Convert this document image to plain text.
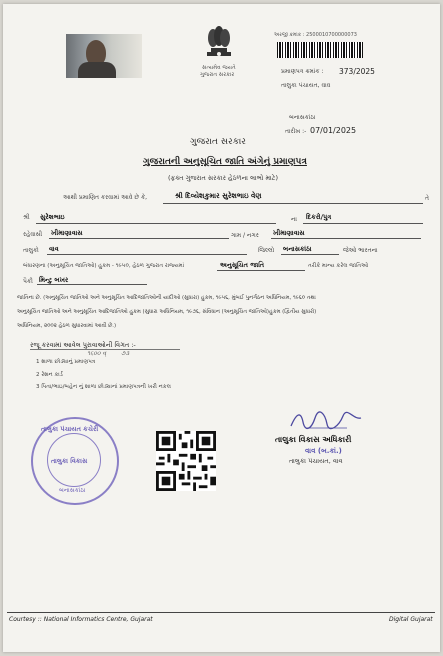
સત્યમેવ જયતે
ગુજરાત સરકાર
અરજી ક્રમાંક : 2500010700000073
પ્રમાણપત્ર ક્રમાંક : 373/2025
તાલુકા પંચાયત, વાવ
બનાસકાંઠા
તારીખ :- 07/01/2025
ગુજરાત સરકાર
ગુજરાતની અનુસૂચિત જાતિ અંગેનું પ્રમાણપત્ર
(ફક્ત ગુજરાત સરકાર હેઠળના લાભો માટે)
આથી પ્રમાણિત કરવામાં આવે છે કે,	શ્રી દિવ્યેશકુમાર સુરેશભાઇ વેણ	તે
શ્રી સુરેશભાઇ	ના દિકરો/પુત્ર
રહેવાસી ખીમાણાવાસ	ગામ / નગર ખીમાણાવાસ
તાલુકો વાવ	જિલ્લો બનાસકાંઠા	જેઓ ભારતના
બંધારણના (અનુસૂચિત જાતિઓ) હુકમ - ૧૯૫૦, હેઠળ ગુજરાત રાજ્યમાં	અનુસૂચિત જાતિ	તરીકે માન્ય કરેલ જાતિઓ
પૈકી મિન્ટુ બખર
જાતિના છે. (અનુસૂચિત જાતિઓ અને અનુસૂચિત આદિજાતિઓની યાદીઓ (સુધારા) હુકમ, ૧૯૫૬, મુંબઈ પુનર્ગઠન અધિનિયમ, ૧૯૬૦ તથા
અનુસૂચિત જાતિઓ અને અનુસૂચિત આદિજાતિઓ હુકમ (સુધારા અધિનિયમ, ૧૯૭૬, સંવિધાન (અનુસૂચિત જાતિઓ)હુકમ (દ્વિતીય સુધારો)
અધિનિયમ, ૨૦૦૨ હેઠળ સુધારવામાં આવી છે.)
રજૂ કરવામાં આવેલ પુરાવાઓની વિગત :-
૧૬૦૦ વ્ ૭૩
1 શાળા છોડ્યાનું પ્રમાણપત્ર
2 રેશન કાર્ડ
3 પિતા/ભાઇ/બહેન નું શાળા છોડ્યાનાં પ્રમાણપત્રની ખરી નકલ
તાલુકા પંચાયત કચેરી
તાલુકા વિકાસ
બનાસકાંઠા
તાલુકા વિકાસ અધિકારી
વાવ (બ.કાં.)
તાલુકા પંચાયત, વાવ
Courtesy :: National Informatics Centre, Gujarat	Digital Gujarat
